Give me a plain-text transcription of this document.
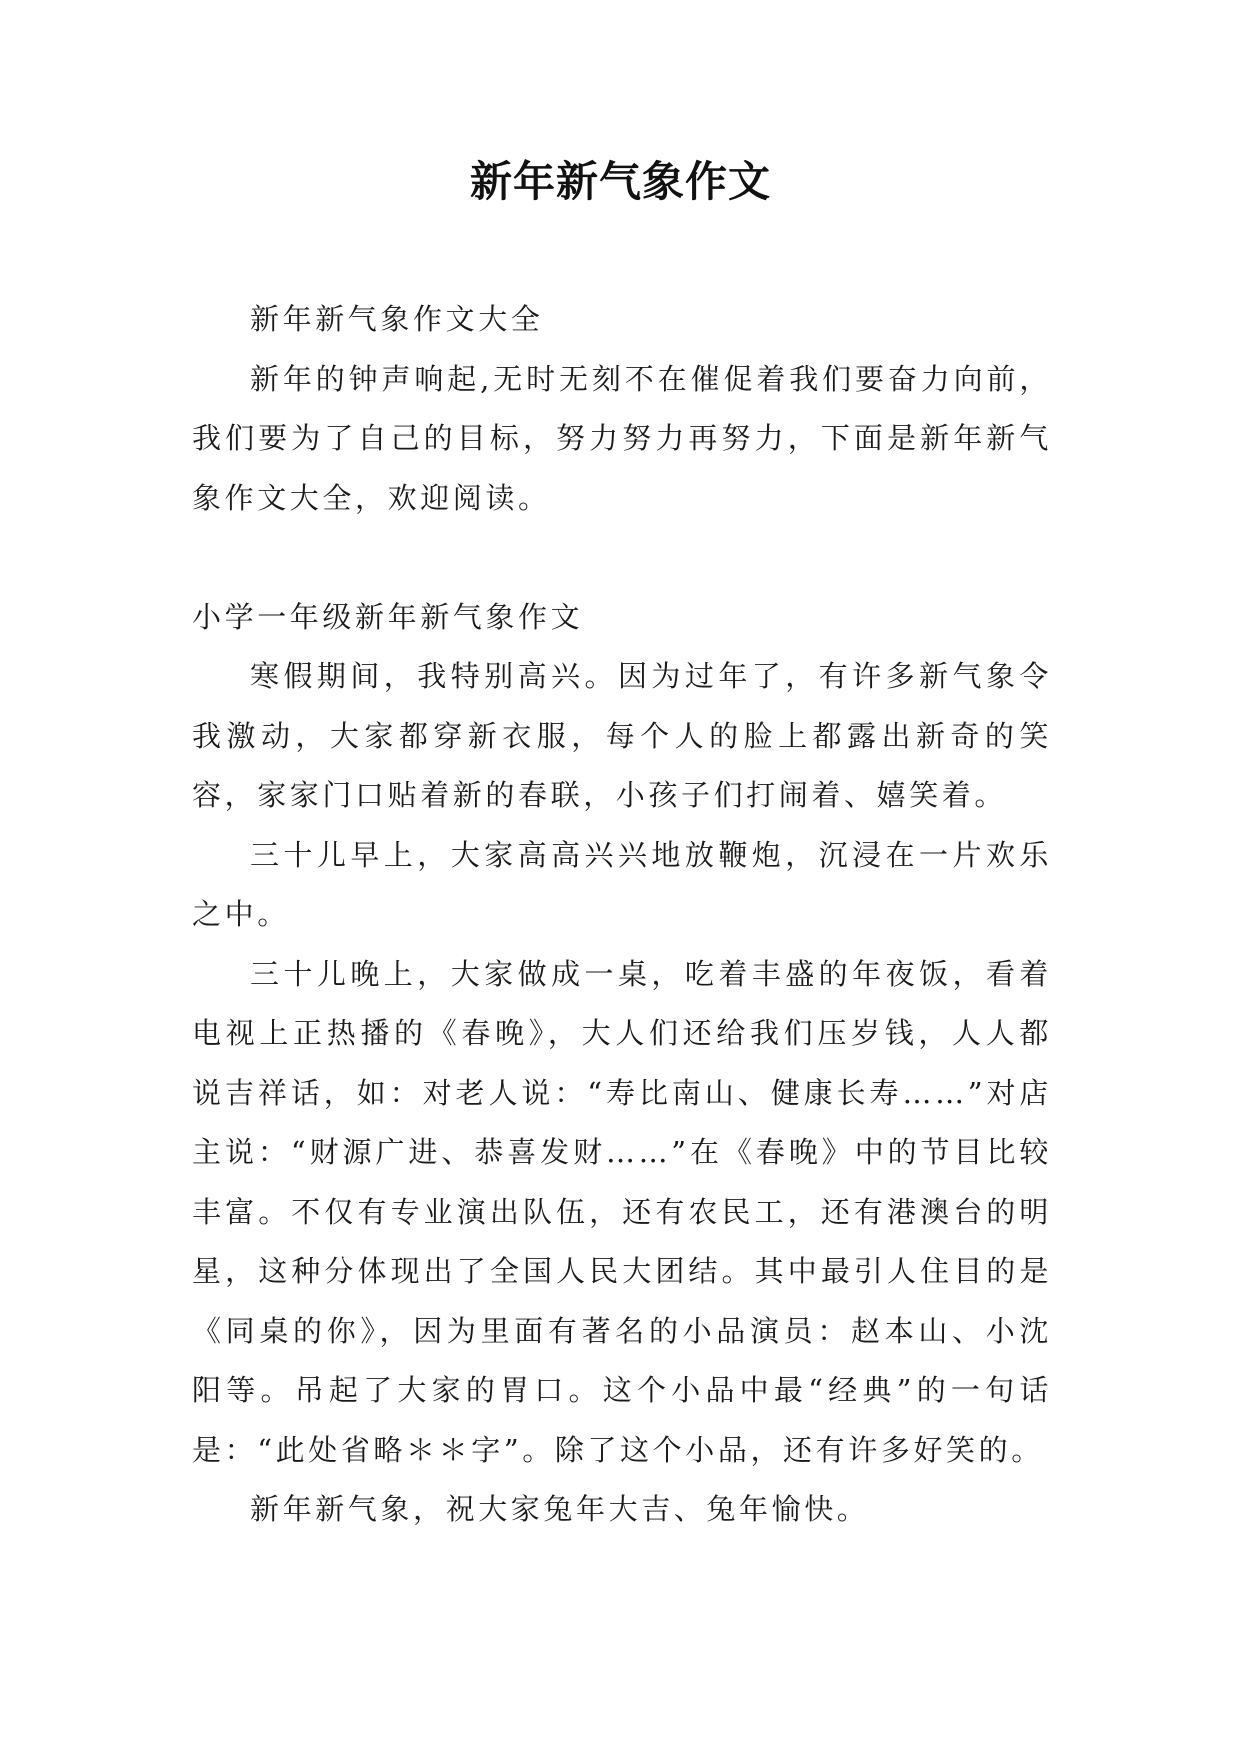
新年新气象作文

新年新气象作文大全

新年的钟声响起,无时无刻不在催促着我们要奋力向前，我们要为了自己的目标，努力努力再努力，下面是新年新气象作文大全，欢迎阅读。

小学一年级新年新气象作文

寒假期间，我特别高兴。因为过年了，有许多新气象令我激动，大家都穿新衣服，每个人的脸上都露出新奇的笑容，家家门口贴着新的春联，小孩子们打闹着、嬉笑着。

三十儿早上，大家高高兴兴地放鞭炮，沉浸在一片欢乐之中。

三十儿晚上，大家做成一桌，吃着丰盛的年夜饭，看着电视上正热播的《春晚》，大人们还给我们压岁钱，人人都说吉祥话，如：对老人说：“寿比南山、健康长寿……”对店主说：“财源广进、恭喜发财……”在《春晚》中的节目比较丰富。不仅有专业演出队伍，还有农民工，还有港澳台的明星，这种分体现出了全国人民大团结。其中最引人住目的是《同桌的你》，因为里面有著名的小品演员：赵本山、小沈阳等。吊起了大家的胃口。这个小品中最“经典”的一句话是：“此处省略＊＊字”。除了这个小品，还有许多好笑的。

新年新气象，祝大家兔年大吉、兔年愉快。
